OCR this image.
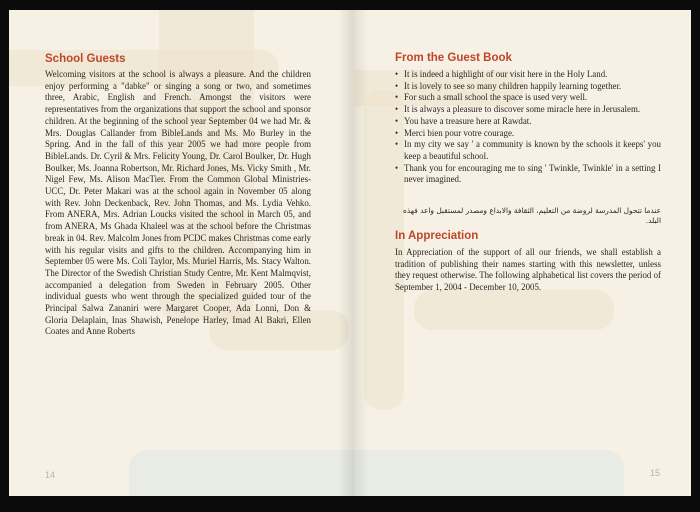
School Guests

Welcoming visitors at the school is always a pleasure. And the children enjoy performing a "dabke" or singing a song or two, and sometimes three, Arabic, English and French. Amongst the visitors were representatives from the organizations that support the school and sponsor children. At the beginning of the school year September 04 we had Mr. & Mrs. Douglas Callander from BibleLands and Ms. Mo Burley in the Spring. And in the fall of this year 2005 we had more people from BibleLands. Dr. Cyril & Mrs. Felicity Young, Dr. Carol Boulker, Dr. Hugh Boulker, Ms. Joanna Robertson, Mr. Richard Jones, Ms. Vicky Smith , Mr. Nigel Few, Ms. Alison MacTier. From the Common Global Ministries-UCC, Dr. Peter Makari was at the school again in November 05 along with Rev. John Deckenback, Rev. John Thomas, and Ms. Lydia Vehko. From ANERA, Mrs. Adrian Loucks visited the school in March 05, and from ANERA, Ms Ghada Khaleel was at the school before the Christmas break in 04. Rev. Malcolm Jones from PCDC makes Christmas come early with his regular visits and gifts to the children. Accompanying him in September 05 were Ms. Coli Taylor, Ms. Muriel Harris, Ms. Stacy Walton. The Director of the Swedish Christian Study Centre, Mr. Kent Malmqvist, accompanied a delegation from Sweden in February 2005. Other individual guests who went through the specialized guided tour of the Principal Salwa Zananiri were Margaret Cooper, Ada Lonni, Don & Gloria Delaplain, Inas Shawish, Penelope Harley, Imad Al Bakri, Ellen Coates and Anne Roberts

14

From the Guest Book
• It is indeed a highlight of our visit here in the Holy Land.
• It is lovely to see so many children happily learning together.
• For such a small school the space is used very well.
• It is always a pleasure to discover some miracle here in Jerusalem.
• You have a treasure here at Rawdat.
• Merci bien pour votre courage.
• In my city we say ' a community is known by the schools it keeps' you keep a beautiful school.
• Thank you for encouraging me to sing ' Twinkle, Twinkle' in a setting I never imagined.

عندما تتحول المدرسة لروضة من التعليم، الثقافة والابداع ومصدر لمستقبل واعد فهذه البلد.

In Appreciation

In Appreciation of the support of all our friends, we shall establish a tradition of publishing their names starting with this newsletter, unless they request otherwise. The following alphabetical list covers the period of September 1, 2004 - December 10, 2005.

15
